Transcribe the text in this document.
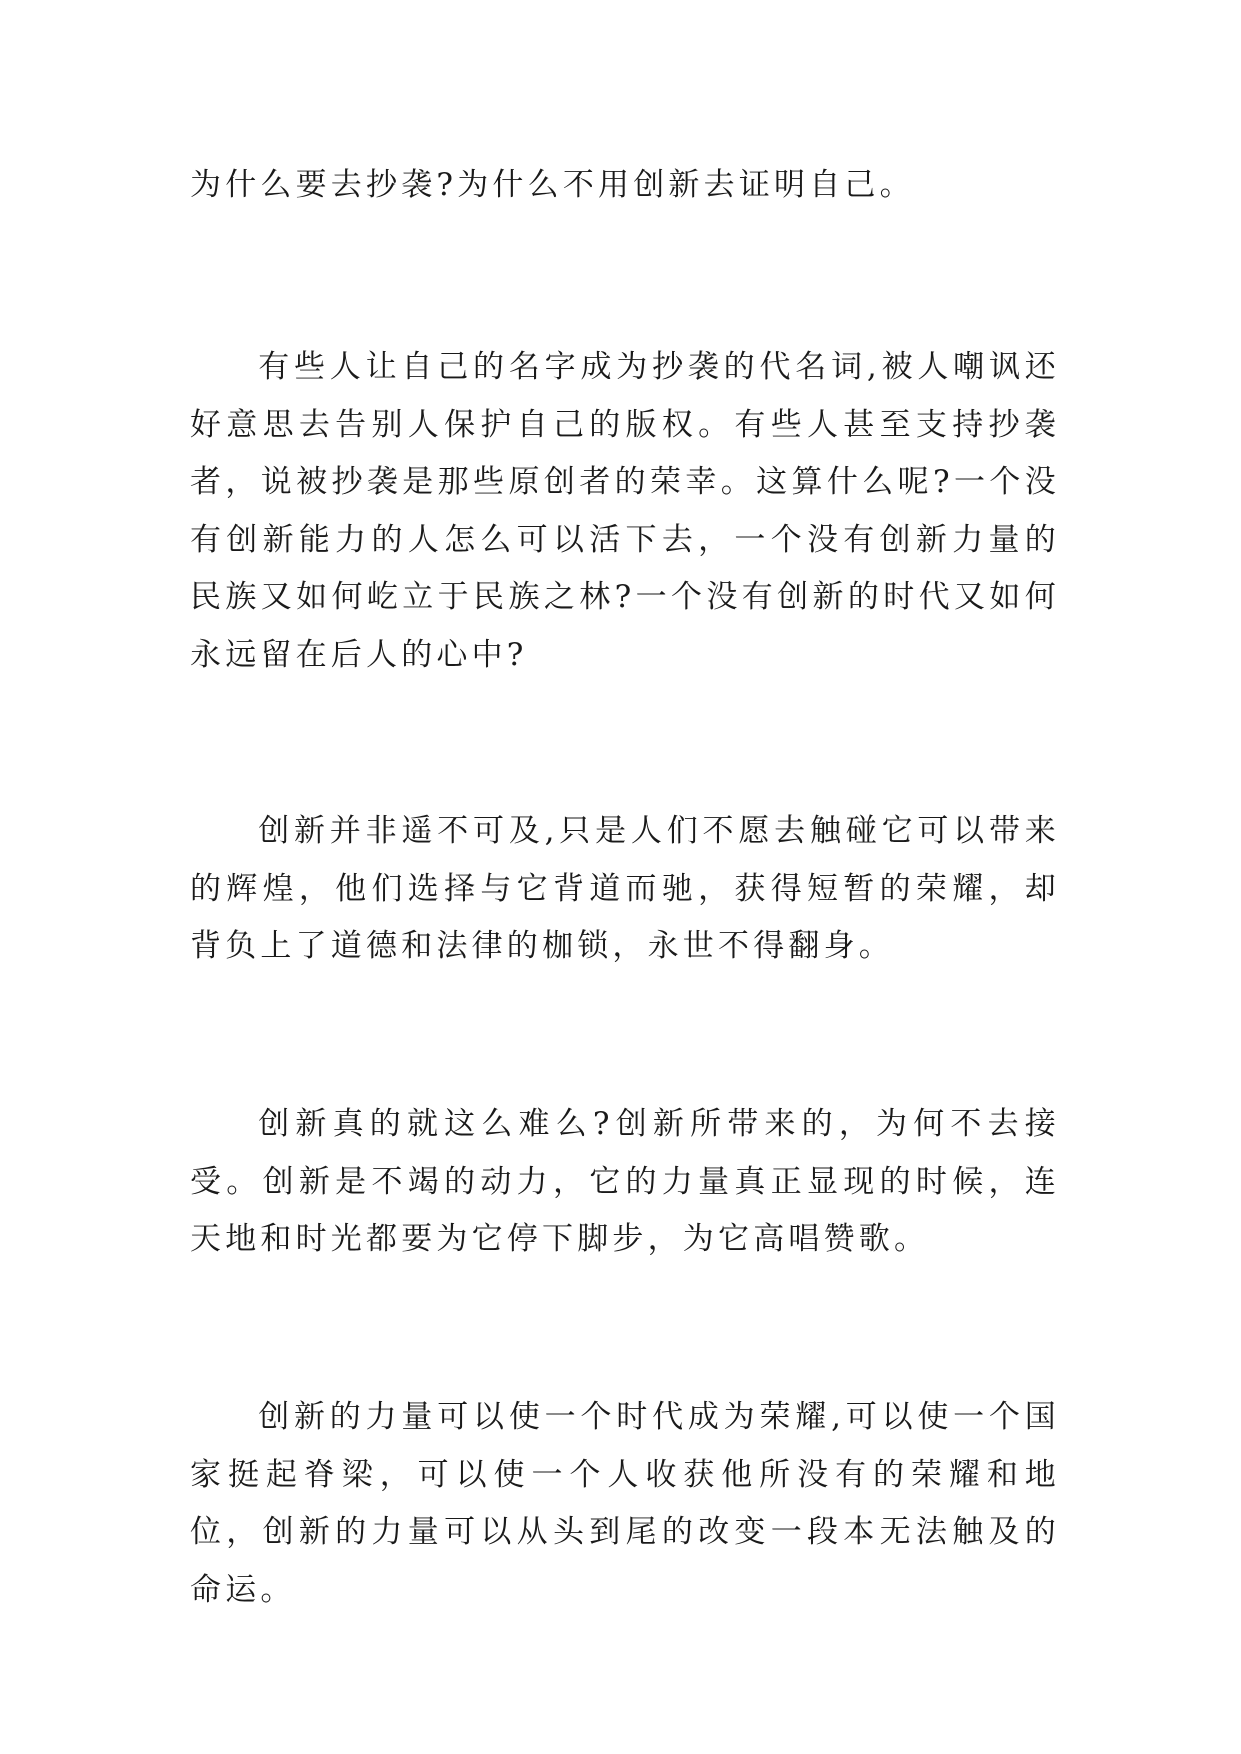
为什么要去抄袭?为什么不用创新去证明自己。

有些人让自己的名字成为抄袭的代名词,被人嘲讽还好意思去告别人保护自己的版权。有些人甚至支持抄袭者，说被抄袭是那些原创者的荣幸。这算什么呢?一个没有创新能力的人怎么可以活下去，一个没有创新力量的民族又如何屹立于民族之林?一个没有创新的时代又如何永远留在后人的心中?

创新并非遥不可及,只是人们不愿去触碰它可以带来的辉煌，他们选择与它背道而驰，获得短暂的荣耀，却背负上了道德和法律的枷锁，永世不得翻身。

创新真的就这么难么?创新所带来的，为何不去接受。创新是不竭的动力，它的力量真正显现的时候，连天地和时光都要为它停下脚步，为它高唱赞歌。

创新的力量可以使一个时代成为荣耀,可以使一个国家挺起脊梁，可以使一个人收获他所没有的荣耀和地位，创新的力量可以从头到尾的改变一段本无法触及的命运。
